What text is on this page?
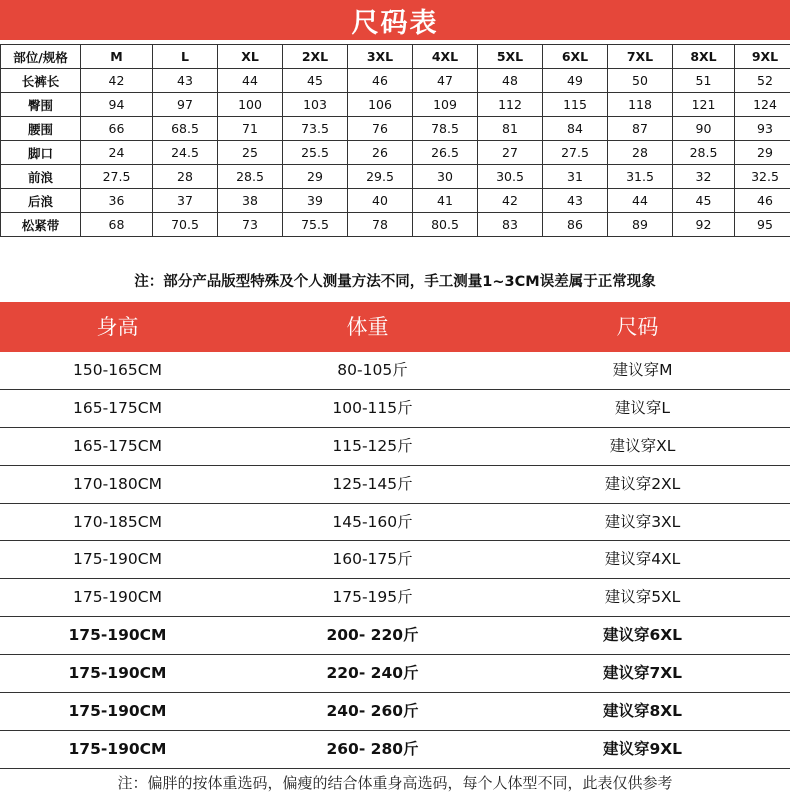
尺码表
部位/规格	M	L	XL	2XL	3XL	4XL	5XL	6XL	7XL	8XL	9XL
长裤长	42	43	44	45	46	47	48	49	50	51	52
臀围	94	97	100	103	106	109	112	115	118	121	124
腰围	66	68.5	71	73.5	76	78.5	81	84	87	90	93
脚口	24	24.5	25	25.5	26	26.5	27	27.5	28	28.5	29
前浪	27.5	28	28.5	29	29.5	30	30.5	31	31.5	32	32.5
后浪	36	37	38	39	40	41	42	43	44	45	46
松紧带	68	70.5	73	75.5	78	80.5	83	86	89	92	95
注：部分产品版型特殊及个人测量方法不同，手工测量1~3CM误差属于正常现象
身高	体重	尺码
150-165CM	80-105斤	建议穿M
165-175CM	100-115斤	建议穿L
165-175CM	115-125斤	建议穿XL
170-180CM	125-145斤	建议穿2XL
170-185CM	145-160斤	建议穿3XL
175-190CM	160-175斤	建议穿4XL
175-190CM	175-195斤	建议穿5XL
175-190CM	200- 220斤	建议穿6XL
175-190CM	220- 240斤	建议穿7XL
175-190CM	240- 260斤	建议穿8XL
175-190CM	260- 280斤	建议穿9XL
注：偏胖的按体重选码，偏瘦的结合体重身高选码，每个人体型不同，此表仅供参考
